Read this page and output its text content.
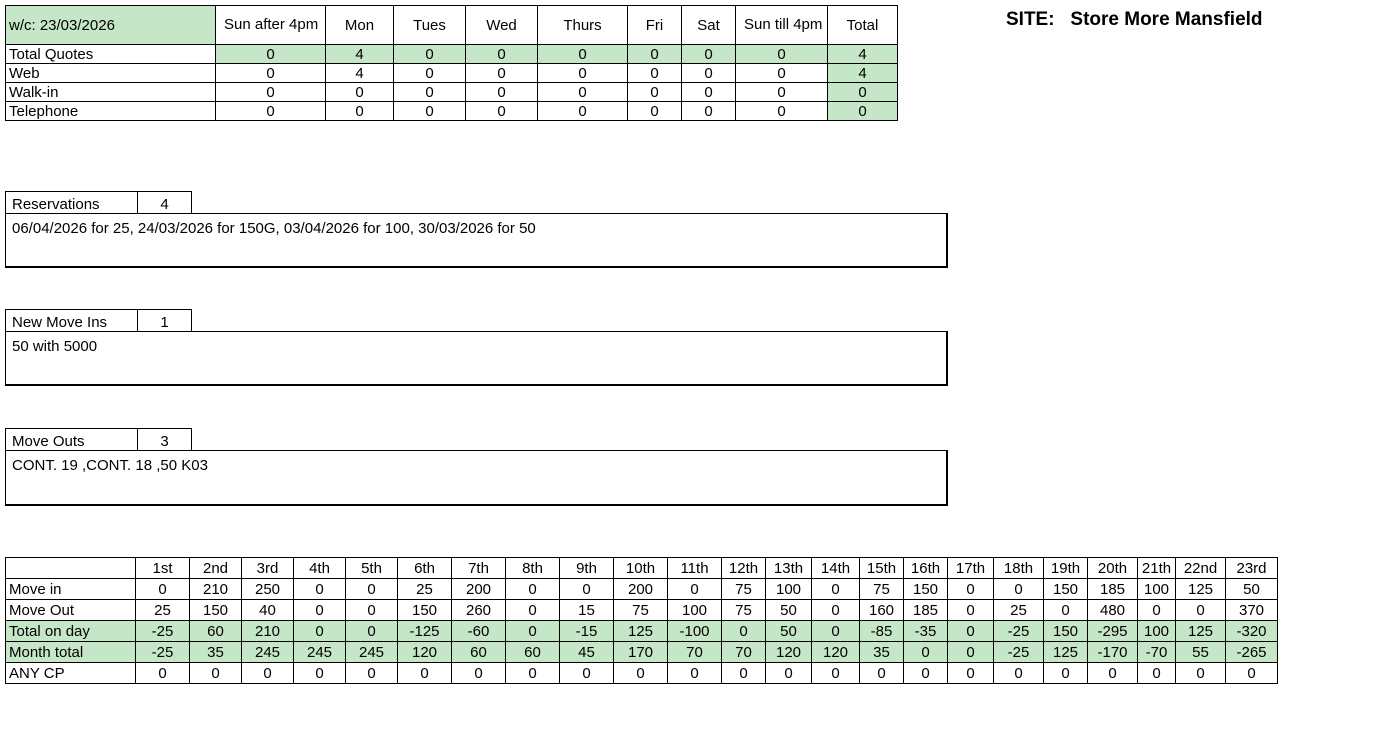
w/c: 23/03/2026	Sun after 4pm	Mon	Tues	Wed	Thurs	Fri	Sat	Sun till 4pm	Total
Total Quotes	0	4	0	0	0	0	0	0	4
Web	0	4	0	0	0	0	0	0	4
Walk-in	0	0	0	0	0	0	0	0	0
Telephone	0	0	0	0	0	0	0	0	0
SITE:   Store More Mansfield
Reservations	4
06/04/2026 for 25, 24/03/2026 for 150G, 03/04/2026 for 100, 30/03/2026 for 50
New Move Ins	1
50 with 5000
Move Outs	3
CONT. 19 ,CONT. 18 ,50 K03
	1st	2nd	3rd	4th	5th	6th	7th	8th	9th	10th	11th	12th	13th	14th	15th	16th	17th	18th	19th	20th	21th	22nd	23rd
Move in	0	210	250	0	0	25	200	0	0	200	0	75	100	0	75	150	0	0	150	185	100	125	50
Move Out	25	150	40	0	0	150	260	0	15	75	100	75	50	0	160	185	0	25	0	480	0	0	370
Total on day	-25	60	210	0	0	-125	-60	0	-15	125	-100	0	50	0	-85	-35	0	-25	150	-295	100	125	-320
Month total	-25	35	245	245	245	120	60	60	45	170	70	70	120	120	35	0	0	-25	125	-170	-70	55	-265
ANY CP	0	0	0	0	0	0	0	0	0	0	0	0	0	0	0	0	0	0	0	0	0	0	0
